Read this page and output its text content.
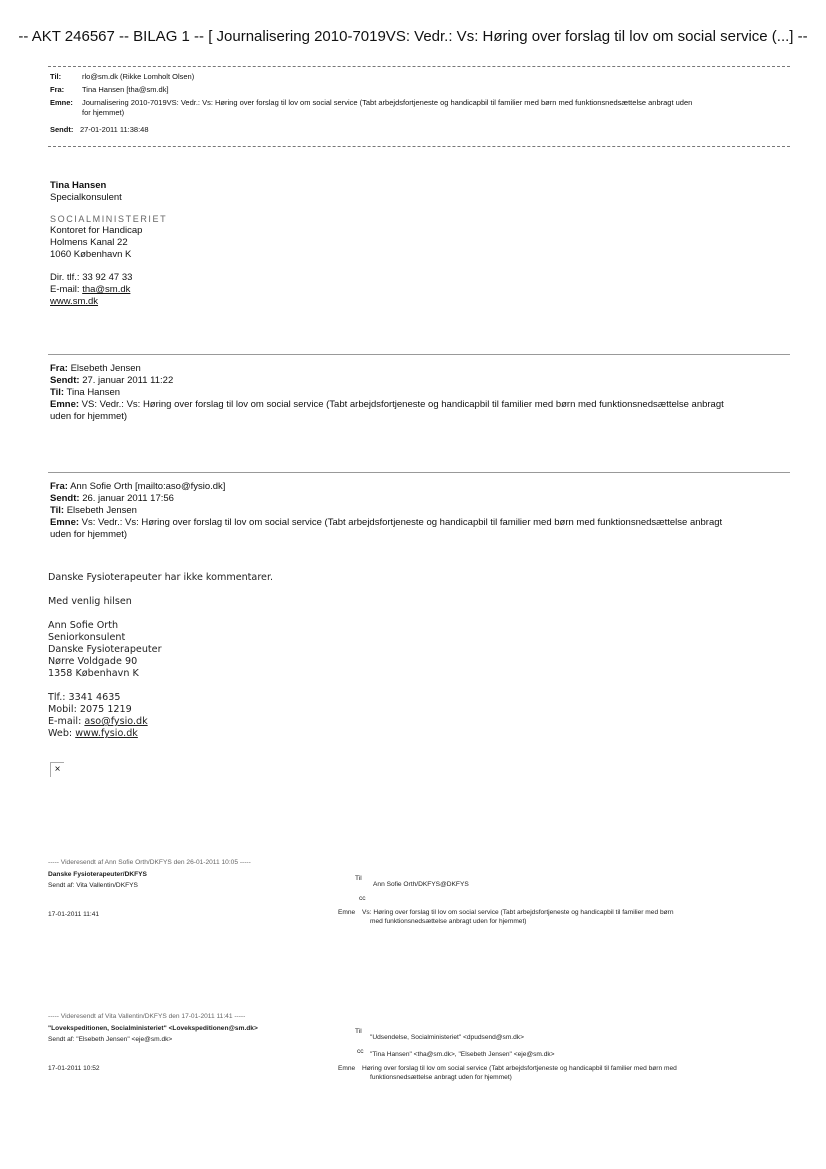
-- AKT 246567 -- BILAG 1 -- [ Journalisering 2010-7019VS: Vedr.: Vs: Høring over forslag til lov om social service (...] --
Til:	rlo@sm.dk (Rikke Lomholt Olsen)
Fra: Tina Hansen [tha@sm.dk]
Emne: Journalisering 2010-7019VS: Vedr.: Vs: Høring over forslag til lov om social service (Tabt arbejdsfortjeneste og handicapbil til familier med børn med funktionsnedsættelse anbragt uden
for hjemmet)
Sendt: 27-01-2011 11:38:48
Tina Hansen
Specialkonsulent
SOCIALMINISTERIET
Kontoret for Handicap
Holmens Kanal 22
1060 København K
Dir. tlf.: 33 92 47 33
E-mail: tha@sm.dk
www.sm.dk
Fra: Elsebeth Jensen
Sendt: 27. januar 2011 11:22
Til: Tina Hansen
Emne: VS: Vedr.: Vs: Høring over forslag til lov om social service (Tabt arbejdsfortjeneste og handicapbil til familier med børn med funktionsnedsættelse anbragt
uden for hjemmet)
Fra: Ann Sofie Orth [mailto:aso@fysio.dk]
Sendt: 26. januar 2011 17:56
Til: Elsebeth Jensen
Emne: Vs: Vedr.: Vs: Høring over forslag til lov om social service (Tabt arbejdsfortjeneste og handicapbil til familier med børn med funktionsnedsættelse anbragt
uden for hjemmet)
Danske Fysioterapeuter har ikke kommentarer.
Med venlig hilsen
Ann Sofie Orth
Seniorkonsulent
Danske Fysioterapeuter
Nørre Voldgade 90
1358 København K
Tlf.: 3341 4635
Mobil: 2075 1219
E-mail: aso@fysio.dk
Web: www.fysio.dk
×
----- Videresendt af Ann Sofie Orth/DKFYS den 26-01-2011 10:05 -----
Danske Fysioterapeuter/DKFYS
Sendt af: Vita Vallentin/DKFYS
17-01-2011 11:41
Til
Ann Sofie Orth/DKFYS@DKFYS
cc
Emne Vs: Høring over forslag til lov om social service (Tabt arbejdsfortjeneste og handicapbil til familier med børn
med funktionsnedsættelse anbragt uden for hjemmet)
----- Videresendt af Vita Vallentin/DKFYS den 17-01-2011 11:41 -----
"Lovekspeditionen, Socialministeriet" <Lovekspeditionen@sm.dk>
Sendt af: "Elsebeth Jensen" <eje@sm.dk>
17-01-2011 10:52
Til
"Udsendelse, Socialministeriet" <dpudsend@sm.dk>
cc "Tina Hansen" <tha@sm.dk>, "Elsebeth Jensen" <eje@sm.dk>
Emne Høring over forslag til lov om social service (Tabt arbejdsfortjeneste og handicapbil til familier med børn med
funktionsnedsættelse anbragt uden for hjemmet)
